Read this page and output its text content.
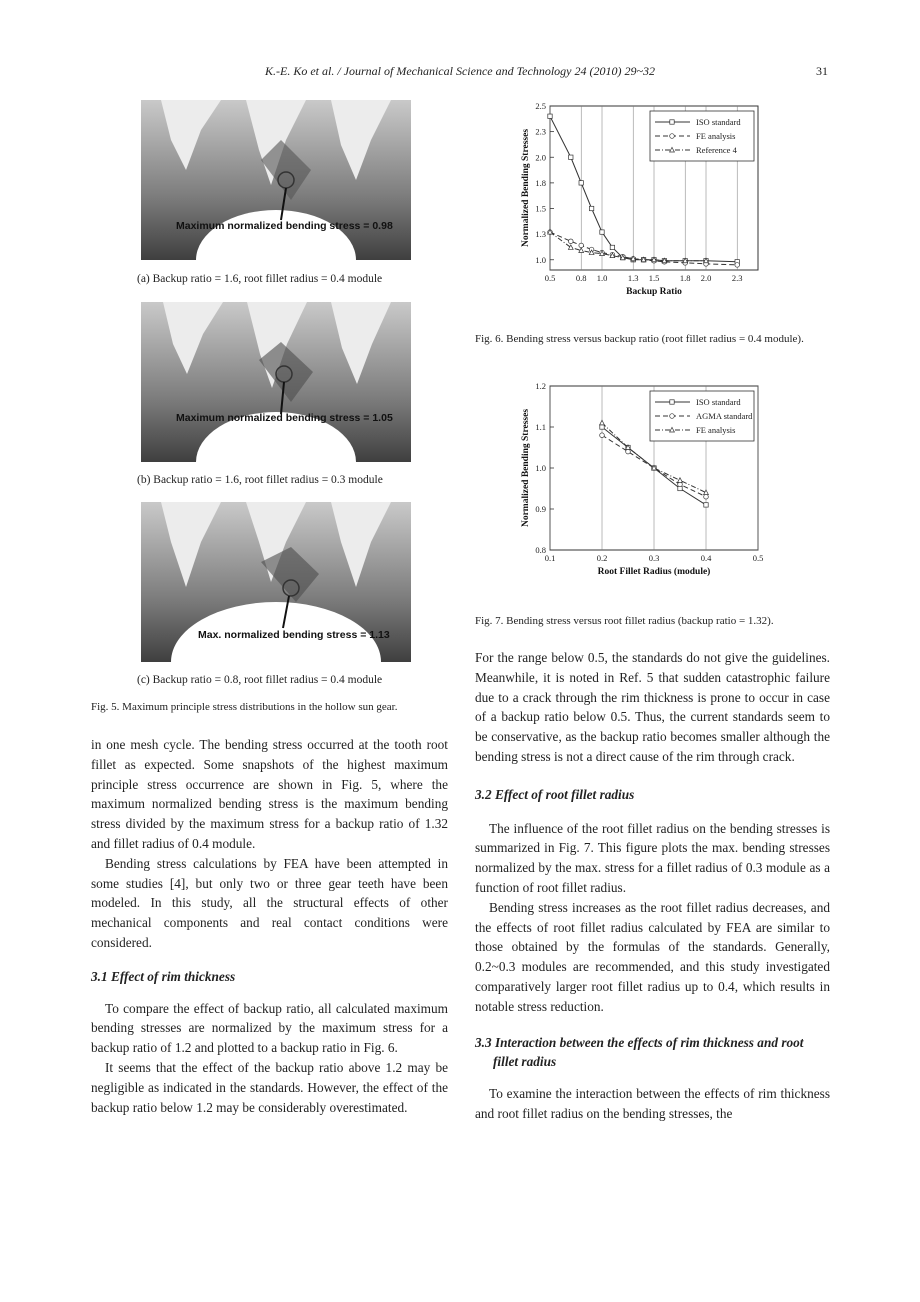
K.-E. Ko et al. / Journal of Mechanical Science and Technology 24 (2010) 29~32	31
Maximum normalized bending stress = 0.98
(a) Backup ratio = 1.6, root fillet radius = 0.4 module
Maximum normalized bending stress = 1.05
(b) Backup ratio = 1.6, root fillet radius = 0.3 module
Max. normalized bending stress = 1.13
(c) Backup ratio = 0.8, root fillet radius = 0.4 module
Fig. 5. Maximum principle stress distributions in the hollow sun gear.

in one mesh cycle. The bending stress occurred at the tooth root fillet as expected. Some snapshots of the highest maximum principle stress occurrence are shown in Fig. 5, where the maximum normalized bending stress is the maximum bending stress divided by the maximum stress for a backup ratio of 1.32 and fillet radius of 0.4 module.

Bending stress calculations by FEA have been attempted in some studies [4], but only two or three gear teeth have been modeled. In this study, all the structural effects of other mechanical components and real contact conditions were considered.

3.1 Effect of rim thickness

To compare the effect of backup ratio, all calculated maximum bending stresses are normalized by the maximum stress for a backup ratio of 1.2 and plotted to a backup ratio in Fig. 6.

It seems that the effect of the backup ratio above 1.2 may be negligible as indicated in the standards. However, the effect of the backup ratio below 1.2 may be considerably overestimated.

0.5 0.8 1.0 1.3 1.5 1.8 2.0 2.3
1.0
1.3
1.5
1.8
2.0
2.3
2.5
Backup Ratio
Normalized Bending Stresses
ISO standard
FE analysis
Reference 4
Fig. 6. Bending stress versus backup ratio (root fillet radius = 0.4 module).
0.1	0.2	0.3	0.4	0.5
0.8
0.9
1.0
1.1
1.2
Root Fillet Radius (module)
Normalized Bending Stresses
ISO standard
AGMA standard
FE analysis
Fig. 7. Bending stress versus root fillet radius (backup ratio = 1.32).

For the range below 0.5, the standards do not give the guidelines. Meanwhile, it is noted in Ref. 5 that sudden catastrophic failure due to a crack through the rim thickness is prone to occur in case of a backup ratio below 0.5. Thus, the current standards seem to be conservative, as the backup ratio becomes smaller although the bending stress is not a direct cause of the rim through crack.

3.2 Effect of root fillet radius

The influence of the root fillet radius on the bending stresses is summarized in Fig. 7. This figure plots the max. bending stresses normalized by the max. stress for a fillet radius of 0.3 module as a function of root fillet radius.

Bending stress increases as the root fillet radius decreases, and the effects of root fillet radius calculated by FEA are similar to those obtained by the formulas of the standards. Generally, 0.2~0.3 modules are recommended, and this study investigated comparatively larger root fillet radius up to 0.4, which results in notable stress reduction.

3.3 Interaction between the effects of rim thickness and root
fillet radius

To examine the interaction between the effects of rim thickness and root fillet radius on the bending stresses, the
